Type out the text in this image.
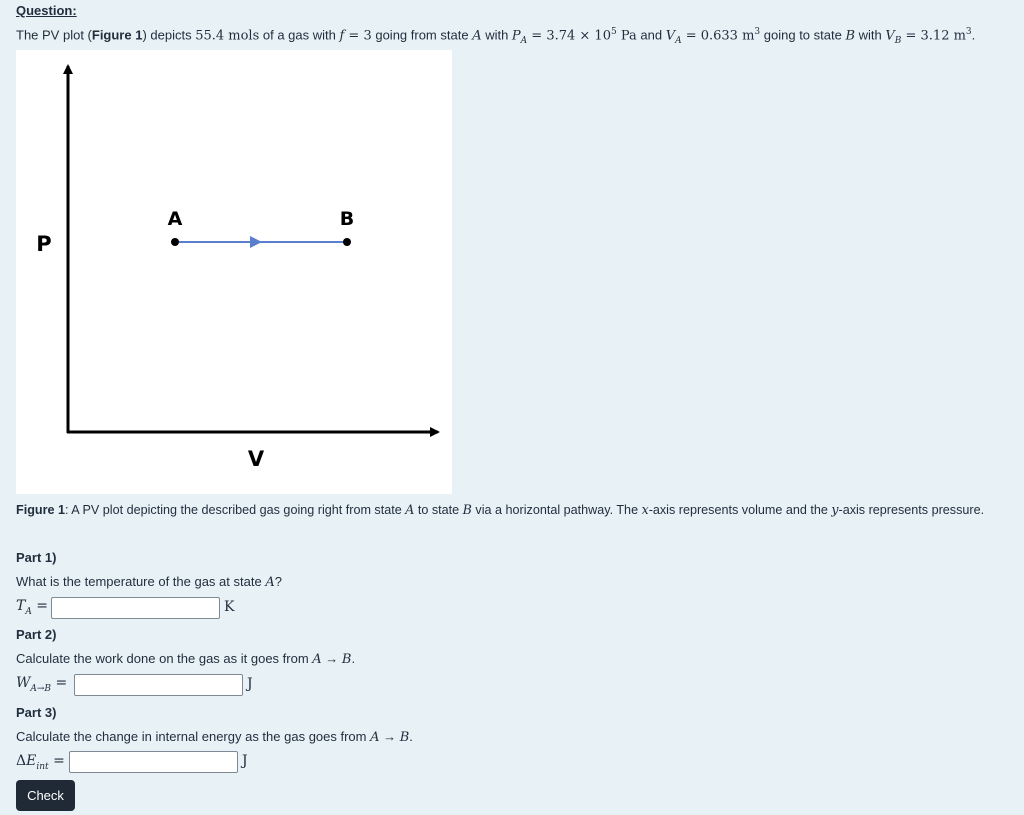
Question:
The PV plot (Figure 1) depicts 55.4 mols of a gas with f = 3 going from state A with $P_A = 3.74 \times 10^5$ Pa and $V_A = 0.633$ $m^3$ going to state B with $V_B = 3.12$ $m^3$.
P
V
A	B
Figure 1: A PV plot depicting the described gas going right from state A to state B via a horizontal pathway. The x-axis represents volume and the y-axis represents pressure.
Part 1)
What is the temperature of the gas at state A?
$T_A$ =	K
Part 2)
Calculate the work done on the gas as it goes from A → B.
$W_{A\to B}$ =	J
Part 3)
Calculate the change in internal energy as the gas goes from A → B.
$\Delta E_{int}$ =	J
Check
